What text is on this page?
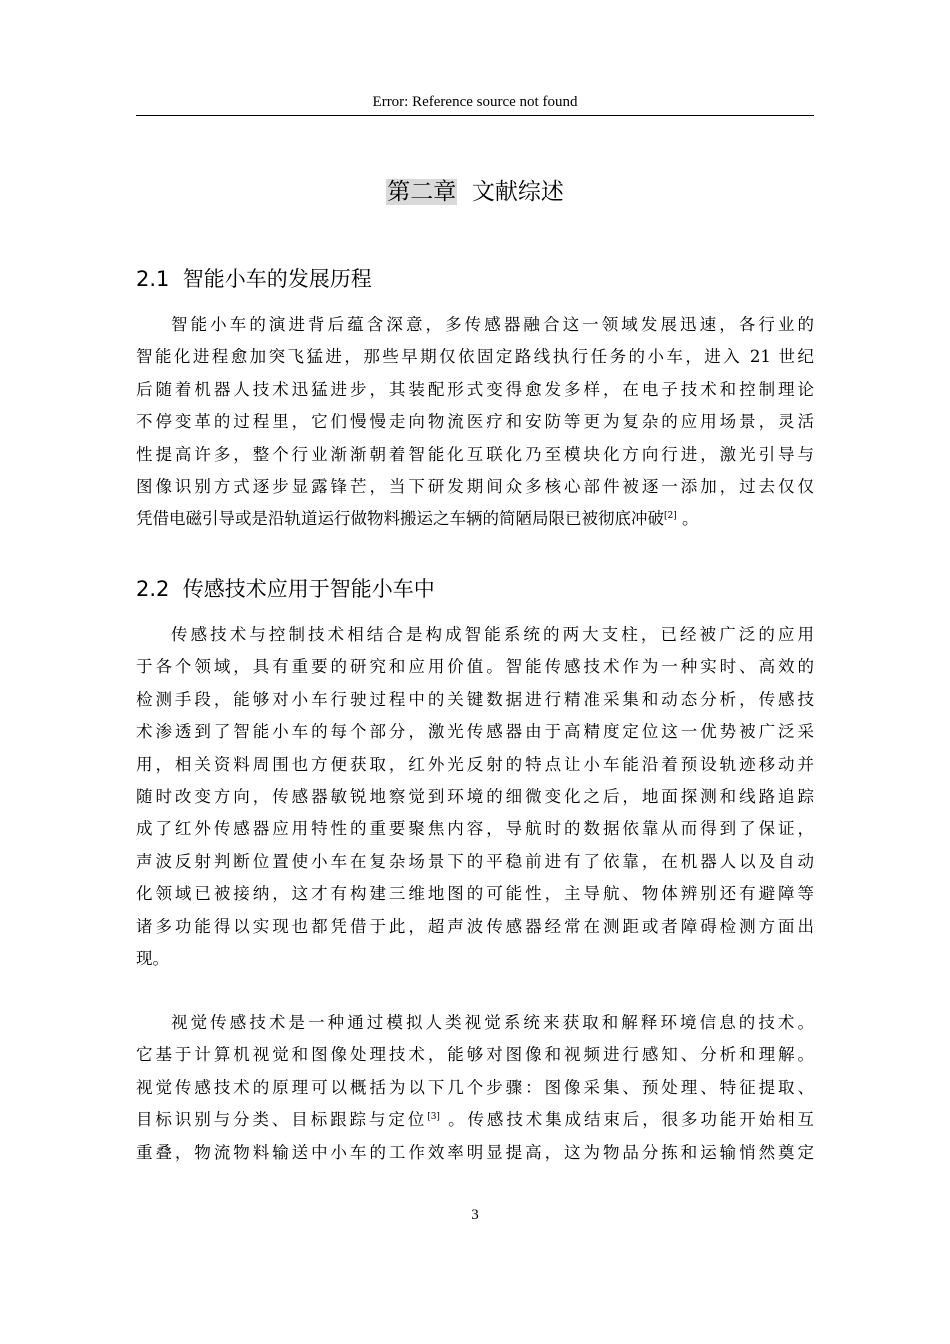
Error: Reference source not found
第二章 文献综述
2.1 智能小车的发展历程
智能小车的演进背后蕴含深意，多传感器融合这一领域发展迅速，各行业的
智能化进程愈加突飞猛进，那些早期仅依固定路线执行任务的小车，进入 21 世纪
后随着机器人技术迅猛进步，其装配形式变得愈发多样，在电子技术和控制理论
不停变革的过程里，它们慢慢走向物流医疗和安防等更为复杂的应用场景，灵活
性提高许多，整个行业渐渐朝着智能化互联化乃至模块化方向行进，激光引导与
图像识别方式逐步显露锋芒，当下研发期间众多核心部件被逐一添加，过去仅仅
凭借电磁引导或是沿轨道运行做物料搬运之车辆的简陋局限已被彻底冲破[2] 。
2.2 传感技术应用于智能小车中
传感技术与控制技术相结合是构成智能系统的两大支柱，已经被广泛的应用
于各个领域，具有重要的研究和应用价值。智能传感技术作为一种实时、高效的
检测手段，能够对小车行驶过程中的关键数据进行精准采集和动态分析，传感技
术渗透到了智能小车的每个部分，激光传感器由于高精度定位这一优势被广泛采
用，相关资料周围也方便获取，红外光反射的特点让小车能沿着预设轨迹移动并
随时改变方向，传感器敏锐地察觉到环境的细微变化之后，地面探测和线路追踪
成了红外传感器应用特性的重要聚焦内容，导航时的数据依靠从而得到了保证，
声波反射判断位置使小车在复杂场景下的平稳前进有了依靠，在机器人以及自动
化领域已被接纳，这才有构建三维地图的可能性，主导航、物体辨别还有避障等
诸多功能得以实现也都凭借于此，超声波传感器经常在测距或者障碍检测方面出
现。
视觉传感技术是一种通过模拟人类视觉系统来获取和解释环境信息的技术。
它基于计算机视觉和图像处理技术，能够对图像和视频进行感知、分析和理解。
视觉传感技术的原理可以概括为以下几个步骤：图像采集、预处理、特征提取、
目标识别与分类、目标跟踪与定位[3] 。传感技术集成结束后，很多功能开始相互
重叠，物流物料输送中小车的工作效率明显提高，这为物品分拣和运输悄然奠定
3
